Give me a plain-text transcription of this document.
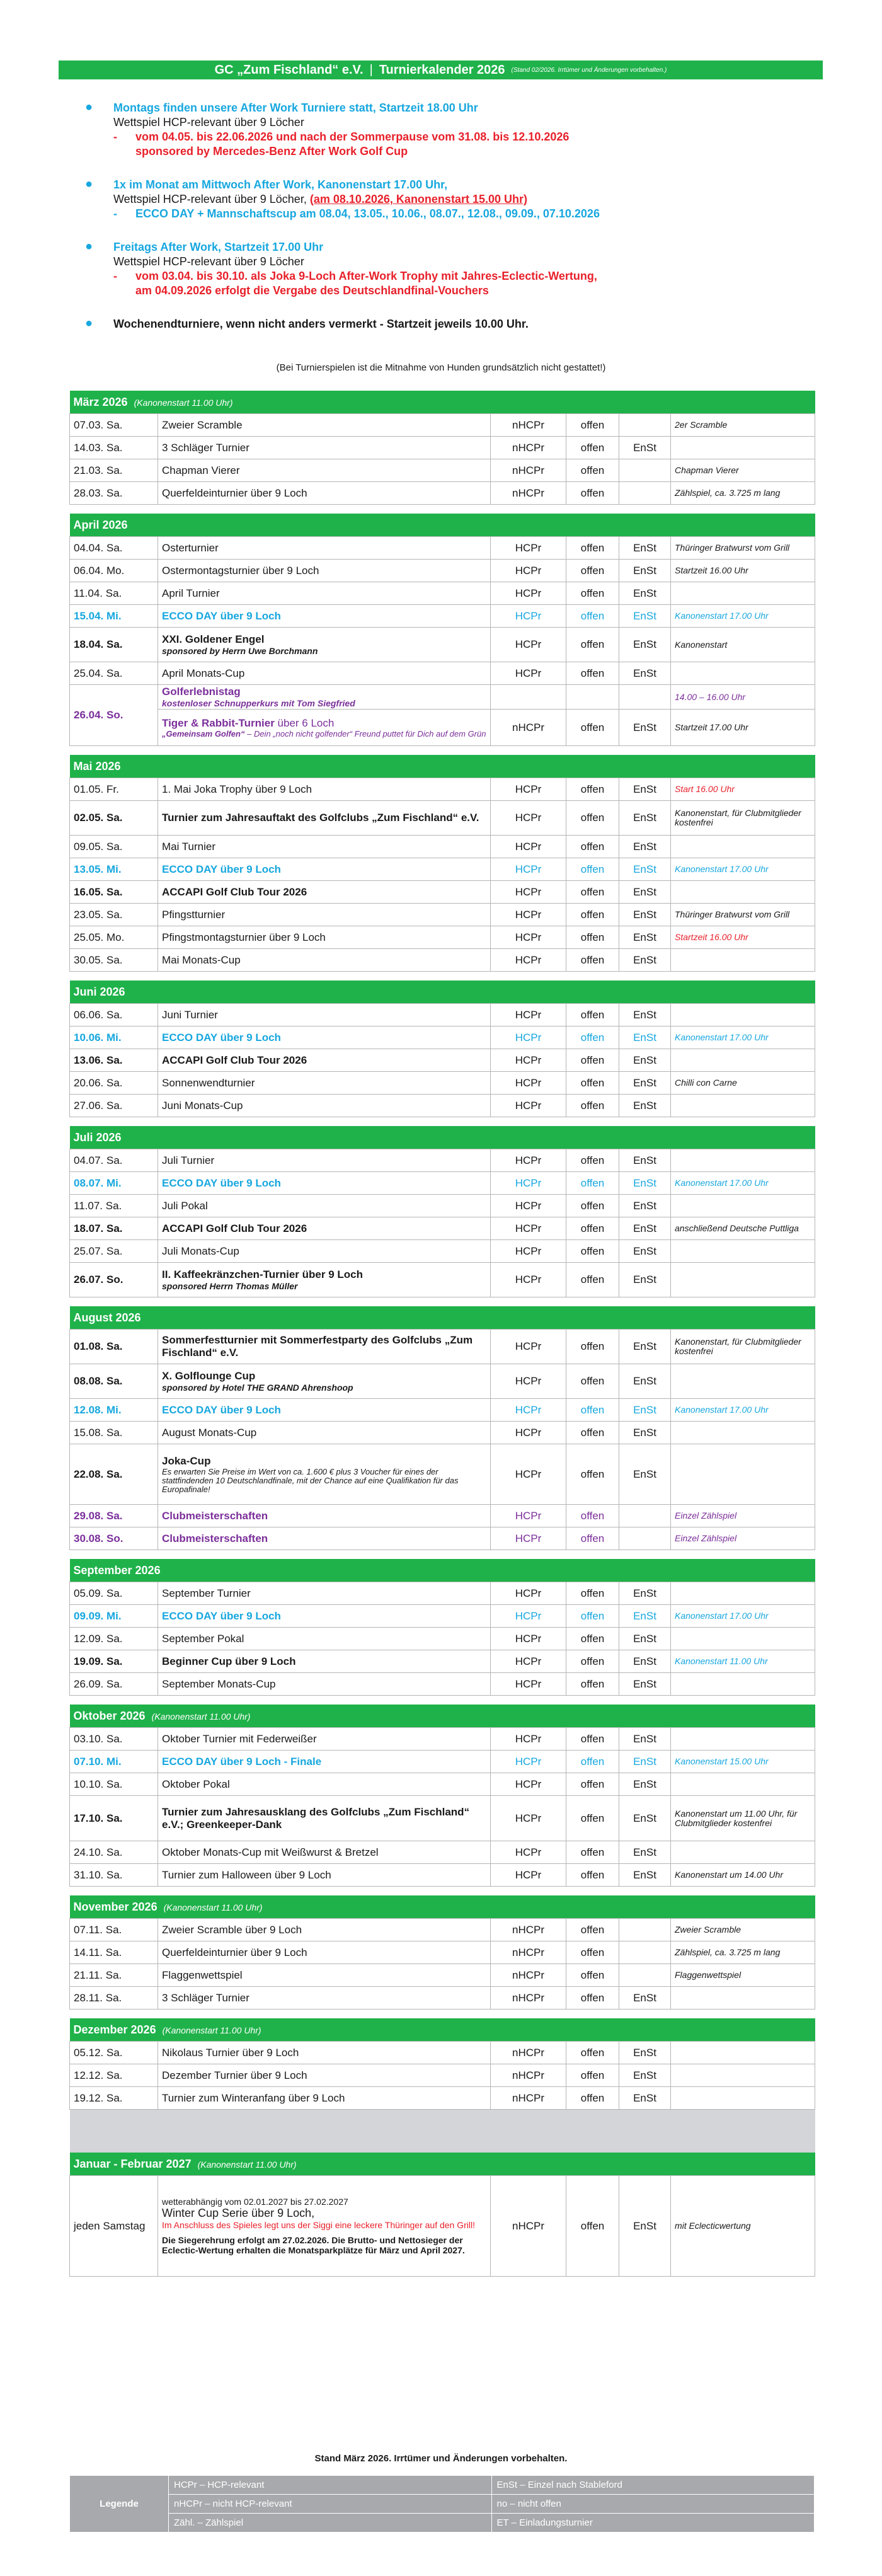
GC „Zum Fischland“ e.V. | Turnierkalender 2026 (Stand 02/2026. Irrtümer und Änderungen vorbehalten.)
● Montags finden unsere After Work Turniere statt, Startzeit 18.00 Uhr
Wettspiel HCP-relevant über 9 Löcher
- vom 04.05. bis 22.06.2026 und nach der Sommerpause vom 31.08. bis 12.10.2026
sponsored by Mercedes-Benz After Work Golf Cup
● 1x im Monat am Mittwoch After Work, Kanonenstart 17.00 Uhr,
Wettspiel HCP-relevant über 9 Löcher, (am 08.10.2026, Kanonenstart 15.00 Uhr)
- ECCO DAY + Mannschaftscup am 08.04, 13.05., 10.06., 08.07., 12.08., 09.09., 07.10.2026
● Freitags After Work, Startzeit 17.00 Uhr
Wettspiel HCP-relevant über 9 Löcher
- vom 03.04. bis 30.10. als Joka 9-Loch After-Work Trophy mit Jahres-Eclectic-Wertung,
am 04.09.2026 erfolgt die Vergabe des Deutschlandfinal-Vouchers
● Wochenendturniere, wenn nicht anders vermerkt - Startzeit jeweils 10.00 Uhr.
(Bei Turnierspielen ist die Mitnahme von Hunden grundsätzlich nicht gestattet!)
März 2026 (Kanonenstart 11.00 Uhr)					
07.03. Sa.	Zweier Scramble	nHCPr	offen		2er Scramble
14.03. Sa.	3 Schläger Turnier	nHCPr	offen	EnSt	
21.03. Sa.	Chapman Vierer	nHCPr	offen		Chapman Vierer
28.03. Sa.	Querfeldeinturnier über 9 Loch	nHCPr	offen		Zählspiel, ca. 3.725 m lang

April 2026					
04.04. Sa.	Osterturnier	HCPr	offen	EnSt	Thüringer Bratwurst vom Grill
06.04. Mo.	Ostermontagsturnier über 9 Loch	HCPr	offen	EnSt	Startzeit 16.00 Uhr
11.04. Sa.	April Turnier	HCPr	offen	EnSt	
15.04. Mi.	ECCO DAY über 9 Loch	HCPr	offen	EnSt	Kanonenstart 17.00 Uhr
18.04. Sa.	XXI. Goldener Engel
sponsored by Herrn Uwe Borchmann	HCPr	offen	EnSt	Kanonenstart
25.04. Sa.	April Monats-Cup	HCPr	offen	EnSt	
26.04. So.	Golferlebnistag
kostenloser Schnupperkurs mit Tom Siegfried				14.00 – 16.00 Uhr

	Tiger & Rabbit-Turnier über 6 Loch
„Gemeinsam Golfen“ – Dein „noch nicht golfender“ Freund puttet für Dich auf dem Grün	nHCPr	offen	EnSt	Startzeit 17.00 Uhr

Mai 2026					
01.05. Fr.	1. Mai Joka Trophy über 9 Loch	HCPr	offen	EnSt	Start 16.00 Uhr
02.05. Sa.	Turnier zum Jahresauftakt des Golfclubs „Zum Fischland“ e.V.	HCPr	offen	EnSt	Kanonenstart, für Clubmitglieder kostenfrei
09.05. Sa.	Mai Turnier	HCPr	offen	EnSt	
13.05. Mi.	ECCO DAY über 9 Loch	HCPr	offen	EnSt	Kanonenstart 17.00 Uhr
16.05. Sa.	ACCAPI Golf Club Tour 2026	HCPr	offen	EnSt	
23.05. Sa.	Pfingstturnier	HCPr	offen	EnSt	Thüringer Bratwurst vom Grill
25.05. Mo.	Pfingstmontagsturnier über 9 Loch	HCPr	offen	EnSt	Startzeit 16.00 Uhr
30.05. Sa.	Mai Monats-Cup	HCPr	offen	EnSt	

Juni 2026					
06.06. Sa.	Juni Turnier	HCPr	offen	EnSt	
10.06. Mi.	ECCO DAY über 9 Loch	HCPr	offen	EnSt	Kanonenstart 17.00 Uhr
13.06. Sa.	ACCAPI Golf Club Tour 2026	HCPr	offen	EnSt	
20.06. Sa.	Sonnenwendturnier	HCPr	offen	EnSt	Chilli con Carne
27.06. Sa.	Juni Monats-Cup	HCPr	offen	EnSt	

Juli 2026					
04.07. Sa.	Juli Turnier	HCPr	offen	EnSt	
08.07. Mi.	ECCO DAY über 9 Loch	HCPr	offen	EnSt	Kanonenstart 17.00 Uhr
11.07. Sa.	Juli Pokal	HCPr	offen	EnSt	
18.07. Sa.	ACCAPI Golf Club Tour 2026	HCPr	offen	EnSt	anschließend Deutsche Puttliga
25.07. Sa.	Juli Monats-Cup	HCPr	offen	EnSt	
26.07. So.	II. Kaffeekränzchen-Turnier über 9 Loch
sponsored Herrn Thomas Müller	HCPr	offen	EnSt	

August 2026					
01.08. Sa.	Sommerfestturnier mit Sommerfestparty des Golfclubs „Zum Fischland“ e.V.	HCPr	offen	EnSt	Kanonenstart, für Clubmitglieder kostenfrei
08.08. Sa.	X. Golflounge Cup
sponsored by Hotel THE GRAND Ahrenshoop	HCPr	offen	EnSt	
12.08. Mi.	ECCO DAY über 9 Loch	HCPr	offen	EnSt	Kanonenstart 17.00 Uhr
15.08. Sa.	August Monats-Cup	HCPr	offen	EnSt	
22.08. Sa.	Joka-Cup
Es erwarten Sie Preise im Wert von ca. 1.600 € plus 3 Voucher für eines der stattfindenden 10 Deutschlandfinale, mit der Chance auf eine Qualifikation für das Europafinale!	HCPr	offen	EnSt	
29.08. Sa.	Clubmeisterschaften	HCPr	offen		Einzel Zählspiel
30.08. So.	Clubmeisterschaften	HCPr	offen		Einzel Zählspiel

September 2026					
05.09. Sa.	September Turnier	HCPr	offen	EnSt	
09.09. Mi.	ECCO DAY über 9 Loch	HCPr	offen	EnSt	Kanonenstart 17.00 Uhr
12.09. Sa.	September Pokal	HCPr	offen	EnSt	
19.09. Sa.	Beginner Cup über 9 Loch	HCPr	offen	EnSt	Kanonenstart 11.00 Uhr
26.09. Sa.	September Monats-Cup	HCPr	offen	EnSt	

Oktober 2026 (Kanonenstart 11.00 Uhr)					
03.10. Sa.	Oktober Turnier mit Federweißer	HCPr	offen	EnSt	
07.10. Mi.	ECCO DAY über 9 Loch - Finale	HCPr	offen	EnSt	Kanonenstart 15.00 Uhr
10.10. Sa.	Oktober Pokal	HCPr	offen	EnSt	
17.10. Sa.	Turnier zum Jahresausklang des Golfclubs „Zum Fischland“ e.V.; Greenkeeper-Dank	HCPr	offen	EnSt	Kanonenstart um 11.00 Uhr, für Clubmitglieder kostenfrei
24.10. Sa.	Oktober Monats-Cup mit Weißwurst & Bretzel	HCPr	offen	EnSt	
31.10. Sa.	Turnier zum Halloween über 9 Loch	HCPr	offen	EnSt	Kanonenstart um 14.00 Uhr

November 2026 (Kanonenstart 11.00 Uhr)					
07.11. Sa.	Zweier Scramble über 9 Loch	nHCPr	offen		Zweier Scramble
14.11. Sa.	Querfeldeinturnier über 9 Loch	nHCPr	offen		Zählspiel, ca. 3.725 m lang
21.11. Sa.	Flaggenwettspiel	nHCPr	offen		Flaggenwettspiel
28.11. Sa.	3 Schläger Turnier	nHCPr	offen	EnSt	

Dezember 2026 (Kanonenstart 11.00 Uhr)					
05.12. Sa.	Nikolaus Turnier über 9 Loch	nHCPr	offen	EnSt	
12.12. Sa.	Dezember Turnier über 9 Loch	nHCPr	offen	EnSt	
19.12. Sa.	Turnier zum Winteranfang über 9 Loch	nHCPr	offen	EnSt	

Januar - Februar 2027 (Kanonenstart 11.00 Uhr)					
jeden Samstag	wetterabhängig vom 02.01.2027 bis 27.02.2027
Winter Cup Serie über 9 Loch,
Im Anschluss des Spieles legt uns der Siggi eine leckere Thüringer auf den Grill!
Die Siegerehrung erfolgt am 27.02.2026. Die Brutto- und Nettosieger der Eclectic-Wertung erhalten die Monatsparkplätze für März und April 2027.	nHCPr	offen	EnSt	mit Eclecticwertung
Stand März 2026. Irrtümer und Änderungen vorbehalten.
Legende	HCPr – HCP-relevant	EnSt – Einzel nach Stableford
	nHCPr – nicht HCP-relevant	no – nicht offen
	Zähl. – Zählspiel	ET – Einladungsturnier
